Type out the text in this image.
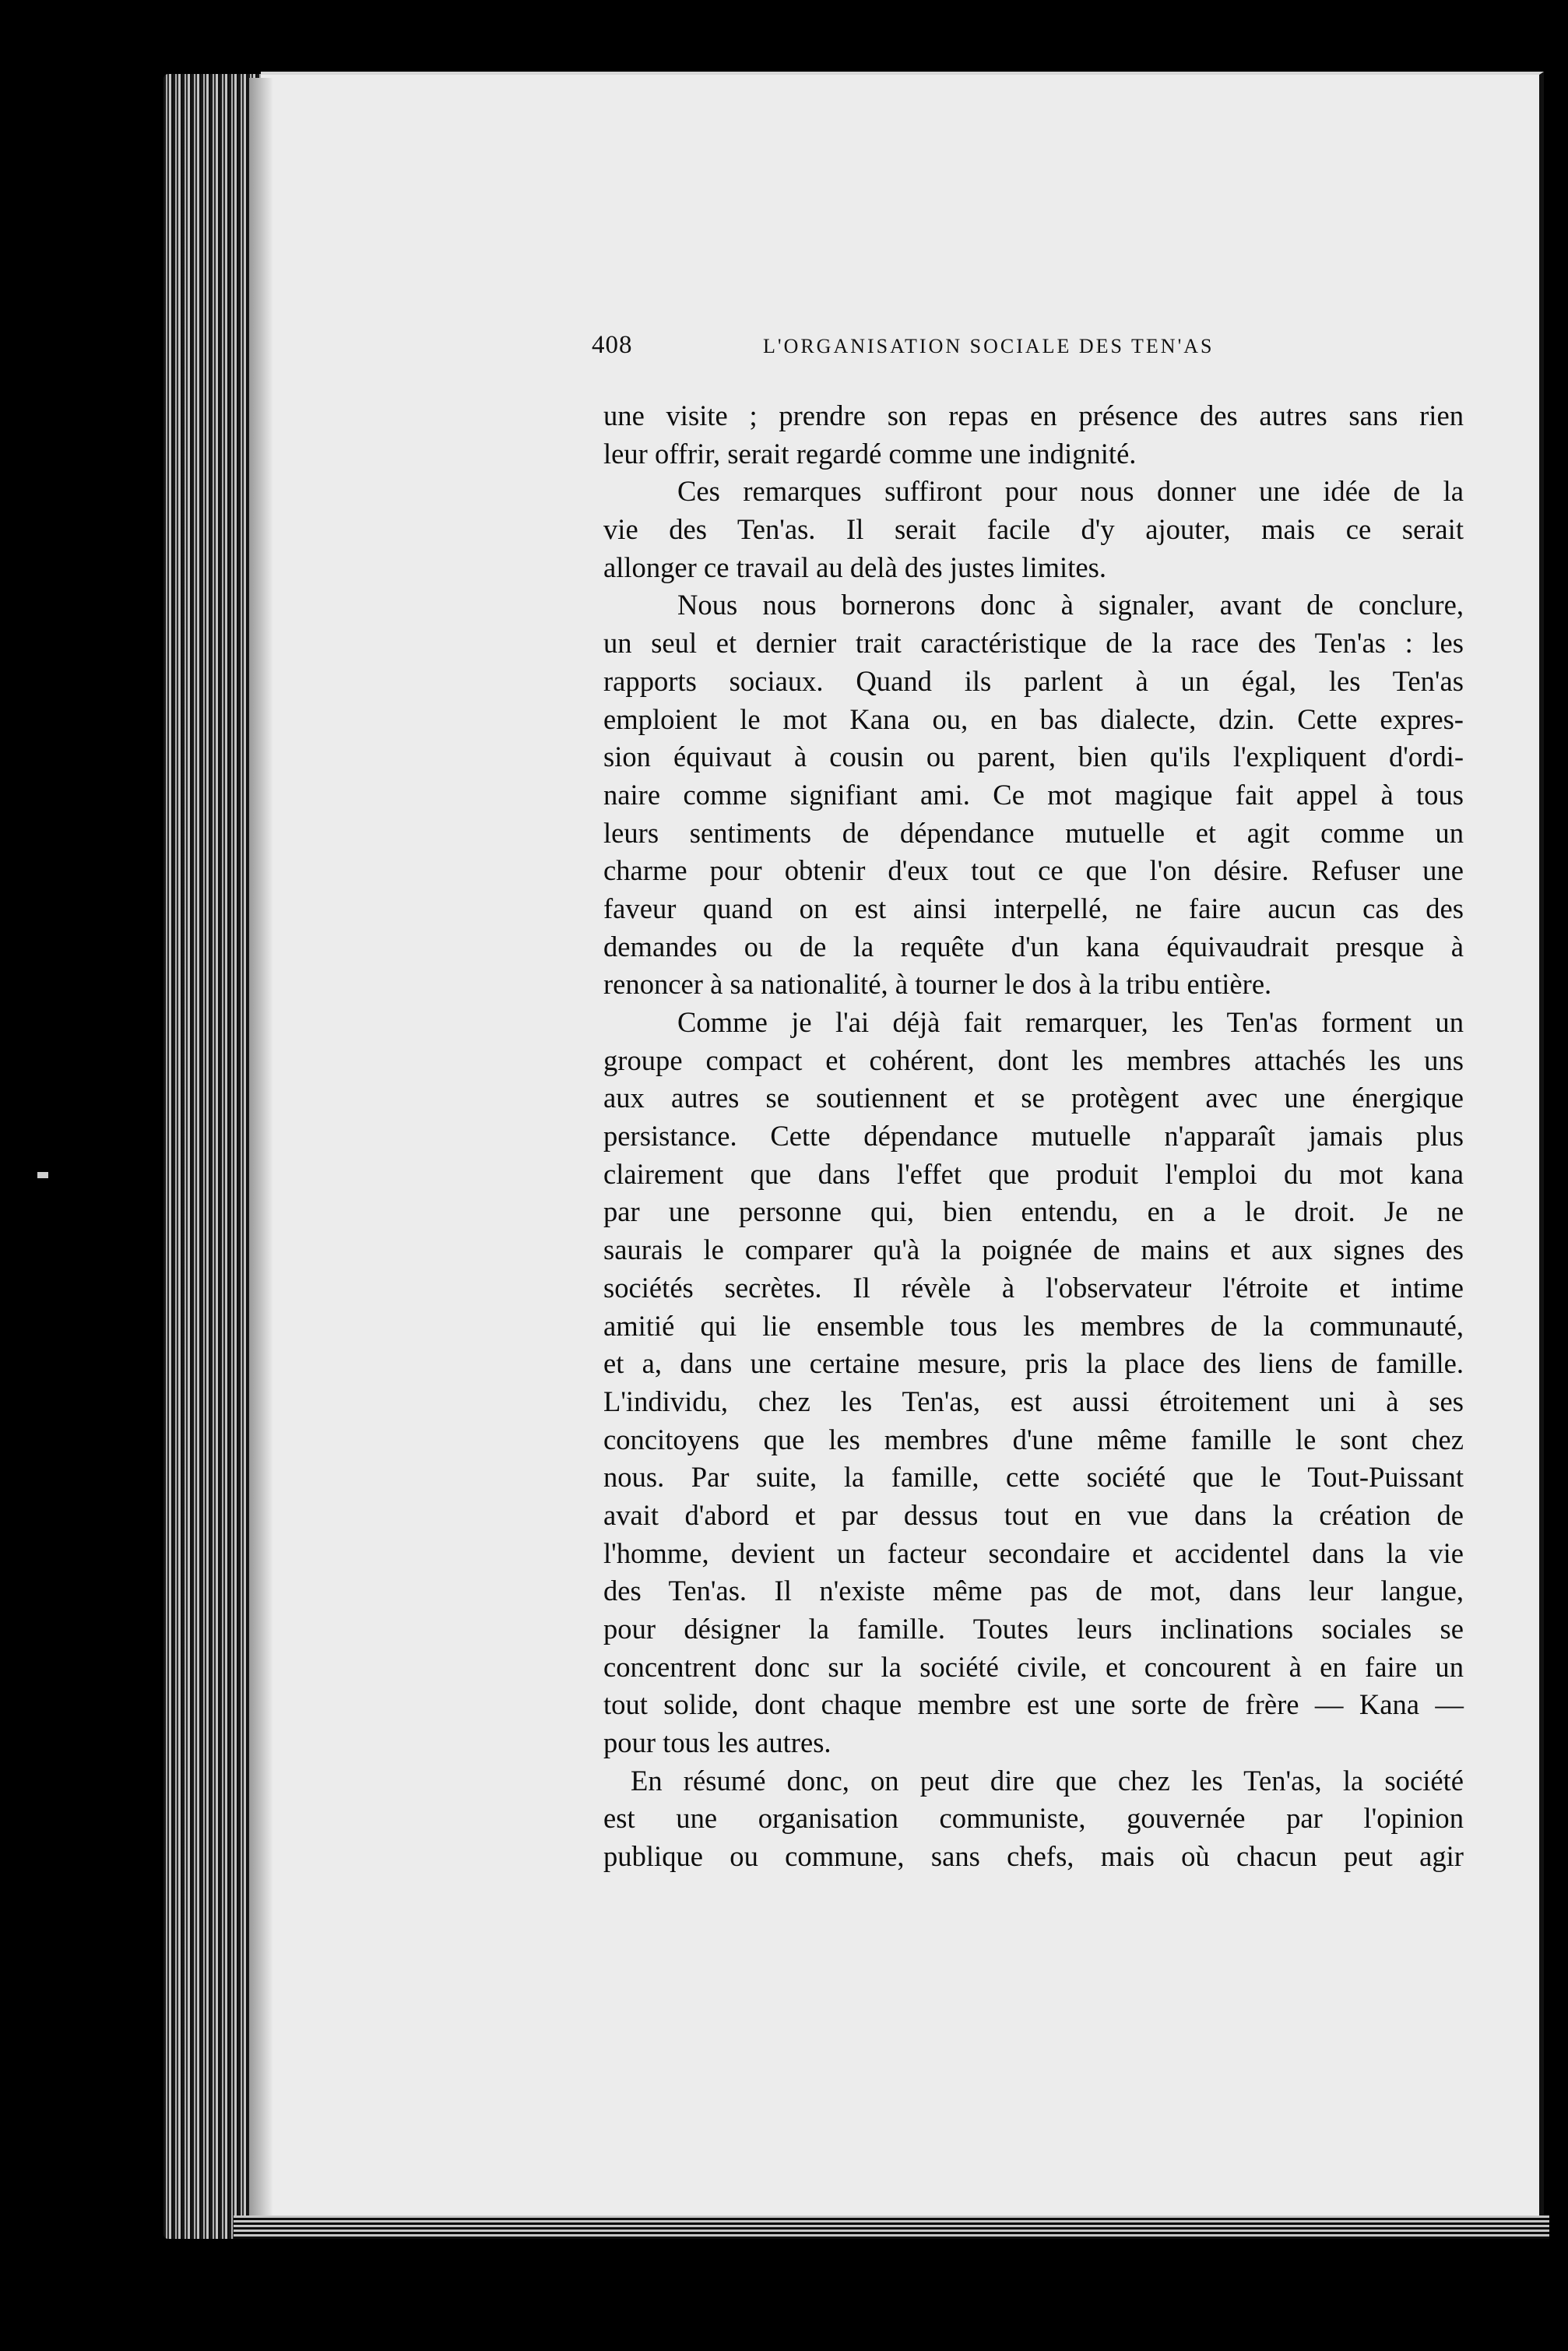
408	L'ORGANISATION SOCIALE DES TEN'AS
une visite ; prendre son repas en présence des autres sans rien
leur offrir, serait regardé comme une indignité.
Ces remarques suffiront pour nous donner une idée de la
vie des Ten'as. Il serait facile d'y ajouter, mais ce serait
allonger ce travail au delà des justes limites.
Nous nous bornerons donc à signaler, avant de conclure,
un seul et dernier trait caractéristique de la race des Ten'as : les
rapports sociaux. Quand ils parlent à un égal, les Ten'as
emploient le mot Kana ou, en bas dialecte, dzin. Cette expres-
sion équivaut à cousin ou parent, bien qu'ils l'expliquent d'ordi-
naire comme signifiant ami. Ce mot magique fait appel à tous
leurs sentiments de dépendance mutuelle et agit comme un
charme pour obtenir d'eux tout ce que l'on désire. Refuser une
faveur quand on est ainsi interpellé, ne faire aucun cas des
demandes ou de la requête d'un kana équivaudrait presque à
renoncer à sa nationalité, à tourner le dos à la tribu entière.
Comme je l'ai déjà fait remarquer, les Ten'as forment un
groupe compact et cohérent, dont les membres attachés les uns
aux autres se soutiennent et se protègent avec une énergique
persistance. Cette dépendance mutuelle n'apparaît jamais plus
clairement que dans l'effet que produit l'emploi du mot kana
par une personne qui, bien entendu, en a le droit. Je ne
saurais le comparer qu'à la poignée de mains et aux signes des
sociétés secrètes. Il révèle à l'observateur l'étroite et intime
amitié qui lie ensemble tous les membres de la communauté,
et a, dans une certaine mesure, pris la place des liens de famille.
L'individu, chez les Ten'as, est aussi étroitement uni à ses
concitoyens que les membres d'une même famille le sont chez
nous. Par suite, la famille, cette société que le Tout-Puissant
avait d'abord et par dessus tout en vue dans la création de
l'homme, devient un facteur secondaire et accidentel dans la vie
des Ten'as. Il n'existe même pas de mot, dans leur langue,
pour désigner la famille. Toutes leurs inclinations sociales se
concentrent donc sur la société civile, et concourent à en faire un
tout solide, dont chaque membre est une sorte de frère — Kana —
pour tous les autres.
En résumé donc, on peut dire que chez les Ten'as, la société
est une organisation communiste, gouvernée par l'opinion
publique ou commune, sans chefs, mais où chacun peut agir
